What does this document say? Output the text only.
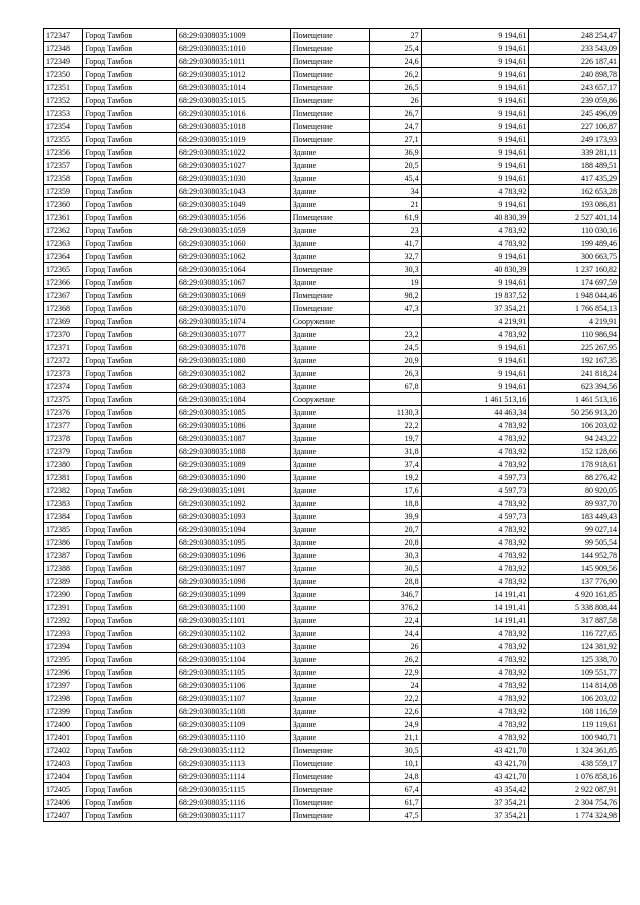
172347	Город Тамбов	68:29:0308035:1009	Помещение	27	9 194,61	248 254,47
172348	Город Тамбов	68:29:0308035:1010	Помещение	25,4	9 194,61	233 543,09
172349	Город Тамбов	68:29:0308035:1011	Помещение	24,6	9 194,61	226 187,41
172350	Город Тамбов	68:29:0308035:1012	Помещение	26,2	9 194,61	240 898,78
172351	Город Тамбов	68:29:0308035:1014	Помещение	26,5	9 194,61	243 657,17
172352	Город Тамбов	68:29:0308035:1015	Помещение	26	9 194,61	239 059,86
172353	Город Тамбов	68:29:0308035:1016	Помещение	26,7	9 194,61	245 496,09
172354	Город Тамбов	68:29:0308035:1018	Помещение	24,7	9 194,61	227 106,87
172355	Город Тамбов	68:29:0308035:1019	Помещение	27,1	9 194,61	249 173,93
172356	Город Тамбов	68:29:0308035:1022	Здание	36,9	9 194,61	339 281,11
172357	Город Тамбов	68:29:0308035:1027	Здание	20,5	9 194,61	188 489,51
172358	Город Тамбов	68:29:0308035:1030	Здание	45,4	9 194,61	417 435,29
172359	Город Тамбов	68:29:0308035:1043	Здание	34	4 783,92	162 653,28
172360	Город Тамбов	68:29:0308035:1049	Здание	21	9 194,61	193 086,81
172361	Город Тамбов	68:29:0308035:1056	Помещение	61,9	40 830,39	2 527 401,14
172362	Город Тамбов	68:29:0308035:1059	Здание	23	4 783,92	110 030,16
172363	Город Тамбов	68:29:0308035:1060	Здание	41,7	4 783,92	199 489,46
172364	Город Тамбов	68:29:0308035:1062	Здание	32,7	9 194,61	300 663,75
172365	Город Тамбов	68:29:0308035:1064	Помещение	30,3	40 830,39	1 237 160,82
172366	Город Тамбов	68:29:0308035:1067	Здание	19	9 194,61	174 697,59
172367	Город Тамбов	68:29:0308035:1069	Помещение	98,2	19 837,52	1 948 044,46
172368	Город Тамбов	68:29:0308035:1070	Помещение	47,3	37 354,21	1 766 854,13
172369	Город Тамбов	68:29:0308035:1074	Сооружение		4 219,91	4 219,91
172370	Город Тамбов	68:29:0308035:1077	Здание	23,2	4 783,92	110 986,94
172371	Город Тамбов	68:29:0308035:1078	Здание	24,5	9 194,61	225 267,95
172372	Город Тамбов	68:29:0308035:1080	Здание	20,9	9 194,61	192 167,35
172373	Город Тамбов	68:29:0308035:1082	Здание	26,3	9 194,61	241 818,24
172374	Город Тамбов	68:29:0308035:1083	Здание	67,8	9 194,61	623 394,56
172375	Город Тамбов	68:29:0308035:1084	Сооружение		1 461 513,16	1 461 513,16
172376	Город Тамбов	68:29:0308035:1085	Здание	1130,3	44 463,34	50 256 913,20
172377	Город Тамбов	68:29:0308035:1086	Здание	22,2	4 783,92	106 203,02
172378	Город Тамбов	68:29:0308035:1087	Здание	19,7	4 783,92	94 243,22
172379	Город Тамбов	68:29:0308035:1088	Здание	31,8	4 783,92	152 128,66
172380	Город Тамбов	68:29:0308035:1089	Здание	37,4	4 783,92	178 918,61
172381	Город Тамбов	68:29:0308035:1090	Здание	19,2	4 597,73	88 276,42
172382	Город Тамбов	68:29:0308035:1091	Здание	17,6	4 597,73	80 920,05
172383	Город Тамбов	68:29:0308035:1092	Здание	18,8	4 783,92	89 937,70
172384	Город Тамбов	68:29:0308035:1093	Здание	39,9	4 597,73	183 449,43
172385	Город Тамбов	68:29:0308035:1094	Здание	20,7	4 783,92	99 027,14
172386	Город Тамбов	68:29:0308035:1095	Здание	20,8	4 783,92	99 505,54
172387	Город Тамбов	68:29:0308035:1096	Здание	30,3	4 783,92	144 952,78
172388	Город Тамбов	68:29:0308035:1097	Здание	30,5	4 783,92	145 909,56
172389	Город Тамбов	68:29:0308035:1098	Здание	28,8	4 783,92	137 776,90
172390	Город Тамбов	68:29:0308035:1099	Здание	346,7	14 191,41	4 920 161,85
172391	Город Тамбов	68:29:0308035:1100	Здание	376,2	14 191,41	5 338 808,44
172392	Город Тамбов	68:29:0308035:1101	Здание	22,4	14 191,41	317 887,58
172393	Город Тамбов	68:29:0308035:1102	Здание	24,4	4 783,92	116 727,65
172394	Город Тамбов	68:29:0308035:1103	Здание	26	4 783,92	124 381,92
172395	Город Тамбов	68:29:0308035:1104	Здание	26,2	4 783,92	125 338,70
172396	Город Тамбов	68:29:0308035:1105	Здание	22,9	4 783,92	109 551,77
172397	Город Тамбов	68:29:0308035:1106	Здание	24	4 783,92	114 814,08
172398	Город Тамбов	68:29:0308035:1107	Здание	22,2	4 783,92	106 203,02
172399	Город Тамбов	68:29:0308035:1108	Здание	22,6	4 783,92	108 116,59
172400	Город Тамбов	68:29:0308035:1109	Здание	24,9	4 783,92	119 119,61
172401	Город Тамбов	68:29:0308035:1110	Здание	21,1	4 783,92	100 940,71
172402	Город Тамбов	68:29:0308035:1112	Помещение	30,5	43 421,70	1 324 361,85
172403	Город Тамбов	68:29:0308035:1113	Помещение	10,1	43 421,70	438 559,17
172404	Город Тамбов	68:29:0308035:1114	Помещение	24,8	43 421,70	1 076 858,16
172405	Город Тамбов	68:29:0308035:1115	Помещение	67,4	43 354,42	2 922 087,91
172406	Город Тамбов	68:29:0308035:1116	Помещение	61,7	37 354,21	2 304 754,76
172407	Город Тамбов	68:29:0308035:1117	Помещение	47,5	37 354,21	1 774 324,98
